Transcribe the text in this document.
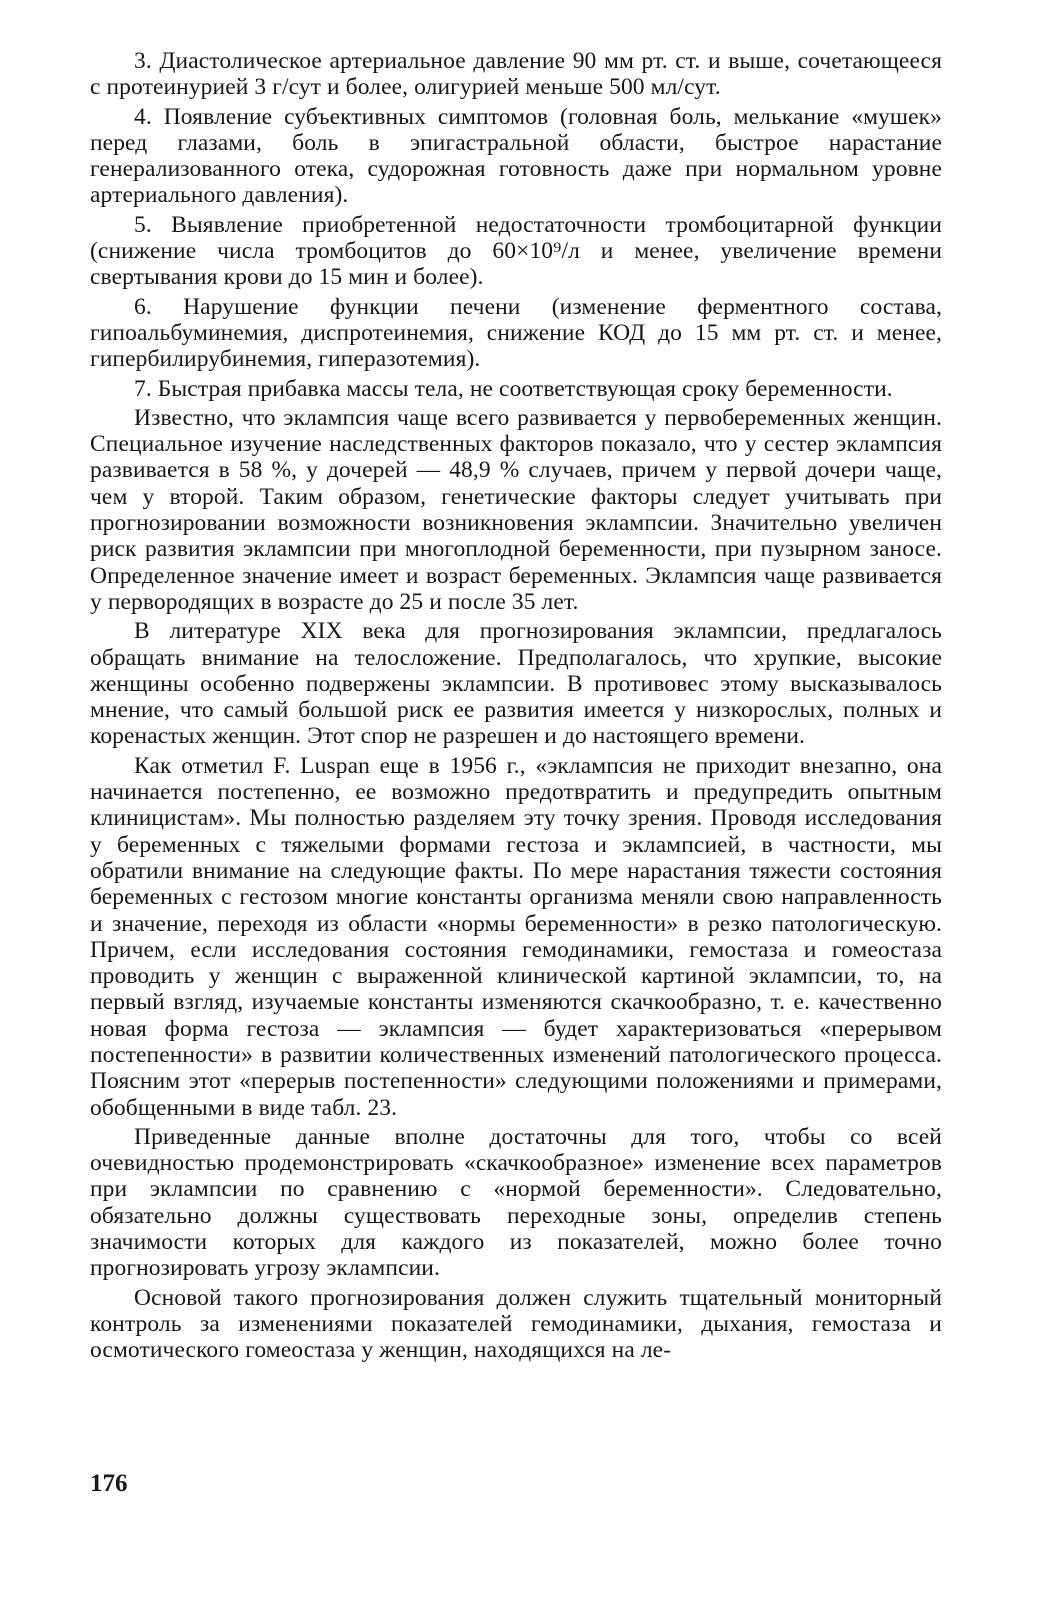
3. Диастолическое артериальное давление 90 мм рт. ст. и выше, сочетающееся с протеинурией 3 г/сут и более, олигурией меньше 500 мл/сут.

4. Появление субъективных симптомов (головная боль, мелькание «мушек» перед глазами, боль в эпигастральной области, быстрое нарастание генерализованного отека, судорожная готовность даже при нормальном уровне артериального давления).

5. Выявление приобретенной недостаточности тромбоцитарной функции (снижение числа тромбоцитов до 60×10⁹/л и менее, увеличение времени свертывания крови до 15 мин и более).

6. Нарушение функции печени (изменение ферментного состава, гипоальбуминемия, диспротеинемия, снижение КОД до 15 мм рт. ст. и менее, гипербилирубинемия, гиперазотемия).

7. Быстрая прибавка массы тела, не соответствующая сроку беременности.

Известно, что эклампсия чаще всего развивается у первобеременных женщин. Специальное изучение наследственных факторов показало, что у сестер эклампсия развивается в 58 %, у дочерей — 48,9 % случаев, причем у первой дочери чаще, чем у второй. Таким образом, генетические факторы следует учитывать при прогнозировании возможности возникновения эклампсии. Значительно увеличен риск развития эклампсии при многоплодной беременности, при пузырном заносе. Определенное значение имеет и возраст беременных. Эклампсия чаще развивается у первородящих в возрасте до 25 и после 35 лет.

В литературе XIX века для прогнозирования эклампсии, предлагалось обращать внимание на телосложение. Предполагалось, что хрупкие, высокие женщины особенно подвержены эклампсии. В противовес этому высказывалось мнение, что самый большой риск ее развития имеется у низкорослых, полных и коренастых женщин. Этот спор не разрешен и до настоящего времени.

Как отметил F. Luspan еще в 1956 г., «эклампсия не приходит внезапно, она начинается постепенно, ее возможно предотвратить и предупредить опытным клиницистам». Мы полностью разделяем эту точку зрения. Проводя исследования у беременных с тяжелыми формами гестоза и эклампсией, в частности, мы обратили внимание на следующие факты. По мере нарастания тяжести состояния беременных с гестозом многие константы организма меняли свою направленность и значение, переходя из области «нормы беременности» в резко патологическую. Причем, если исследования состояния гемодинамики, гемостаза и гомеостаза проводить у женщин с выраженной клинической картиной эклампсии, то, на первый взгляд, изучаемые константы изменяются скачкообразно, т. е. качественно новая форма гестоза — эклампсия — будет характеризоваться «перерывом постепенности» в развитии количественных изменений патологического процесса. Поясним этот «перерыв постепенности» следующими положениями и примерами, обобщенными в виде табл. 23.

Приведенные данные вполне достаточны для того, чтобы со всей очевидностью продемонстрировать «скачкообразное» изменение всех параметров при эклампсии по сравнению с «нормой беременности». Следовательно, обязательно должны существовать переходные зоны, определив степень значимости которых для каждого из показателей, можно более точно прогнозировать угрозу эклампсии.

Основой такого прогнозирования должен служить тщательный мониторный контроль за изменениями показателей гемодинамики, дыхания, гемостаза и осмотического гомеостаза у женщин, находящихся на ле-

176
